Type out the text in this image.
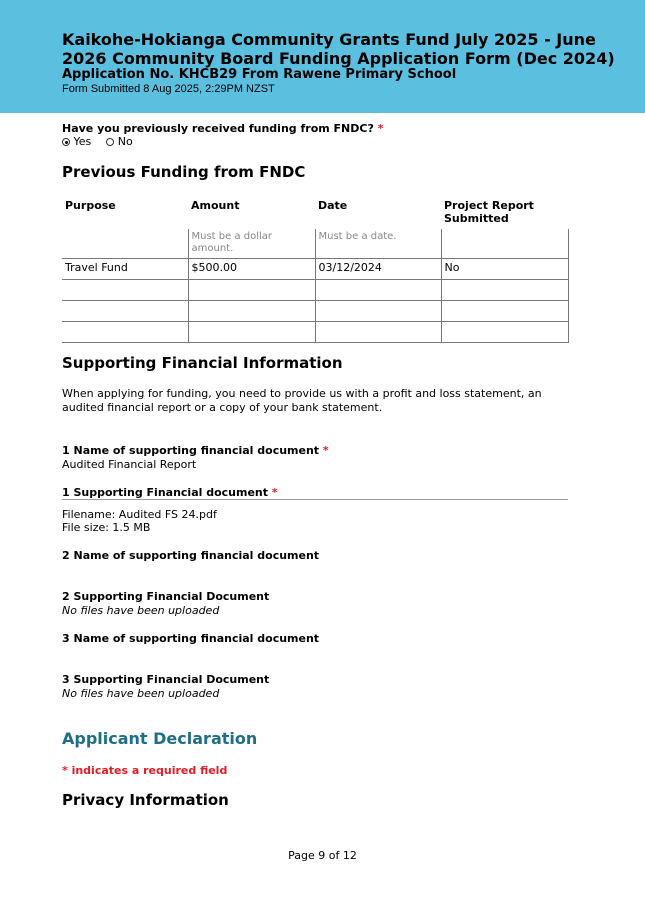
Kaikohe-Hokianga Community Grants Fund July 2025 - June 2026 Community Board Funding Application Form (Dec 2024)
Application No. KHCB29 From Rawene Primary School
Form Submitted 8 Aug 2025, 2:29PM NZST
Have you previously received funding from FNDC? *
Yes No
Previous Funding from FNDC
Purpose	Amount	Date	Project Report Submitted
	Must be a dollar amount.	Must be a date.	
Travel Fund	$500.00	03/12/2024	No

Supporting Financial Information
When applying for funding, you need to provide us with a profit and loss statement, an audited financial report or a copy of your bank statement.
1 Name of supporting financial document *
Audited Financial Report
1 Supporting Financial document *
Filename: Audited FS 24.pdf
File size: 1.5 MB
2 Name of supporting financial document
2 Supporting Financial Document
No files have been uploaded
3 Name of supporting financial document
3 Supporting Financial Document
No files have been uploaded
Applicant Declaration
* indicates a required field
Privacy Information
Page 9 of 12
